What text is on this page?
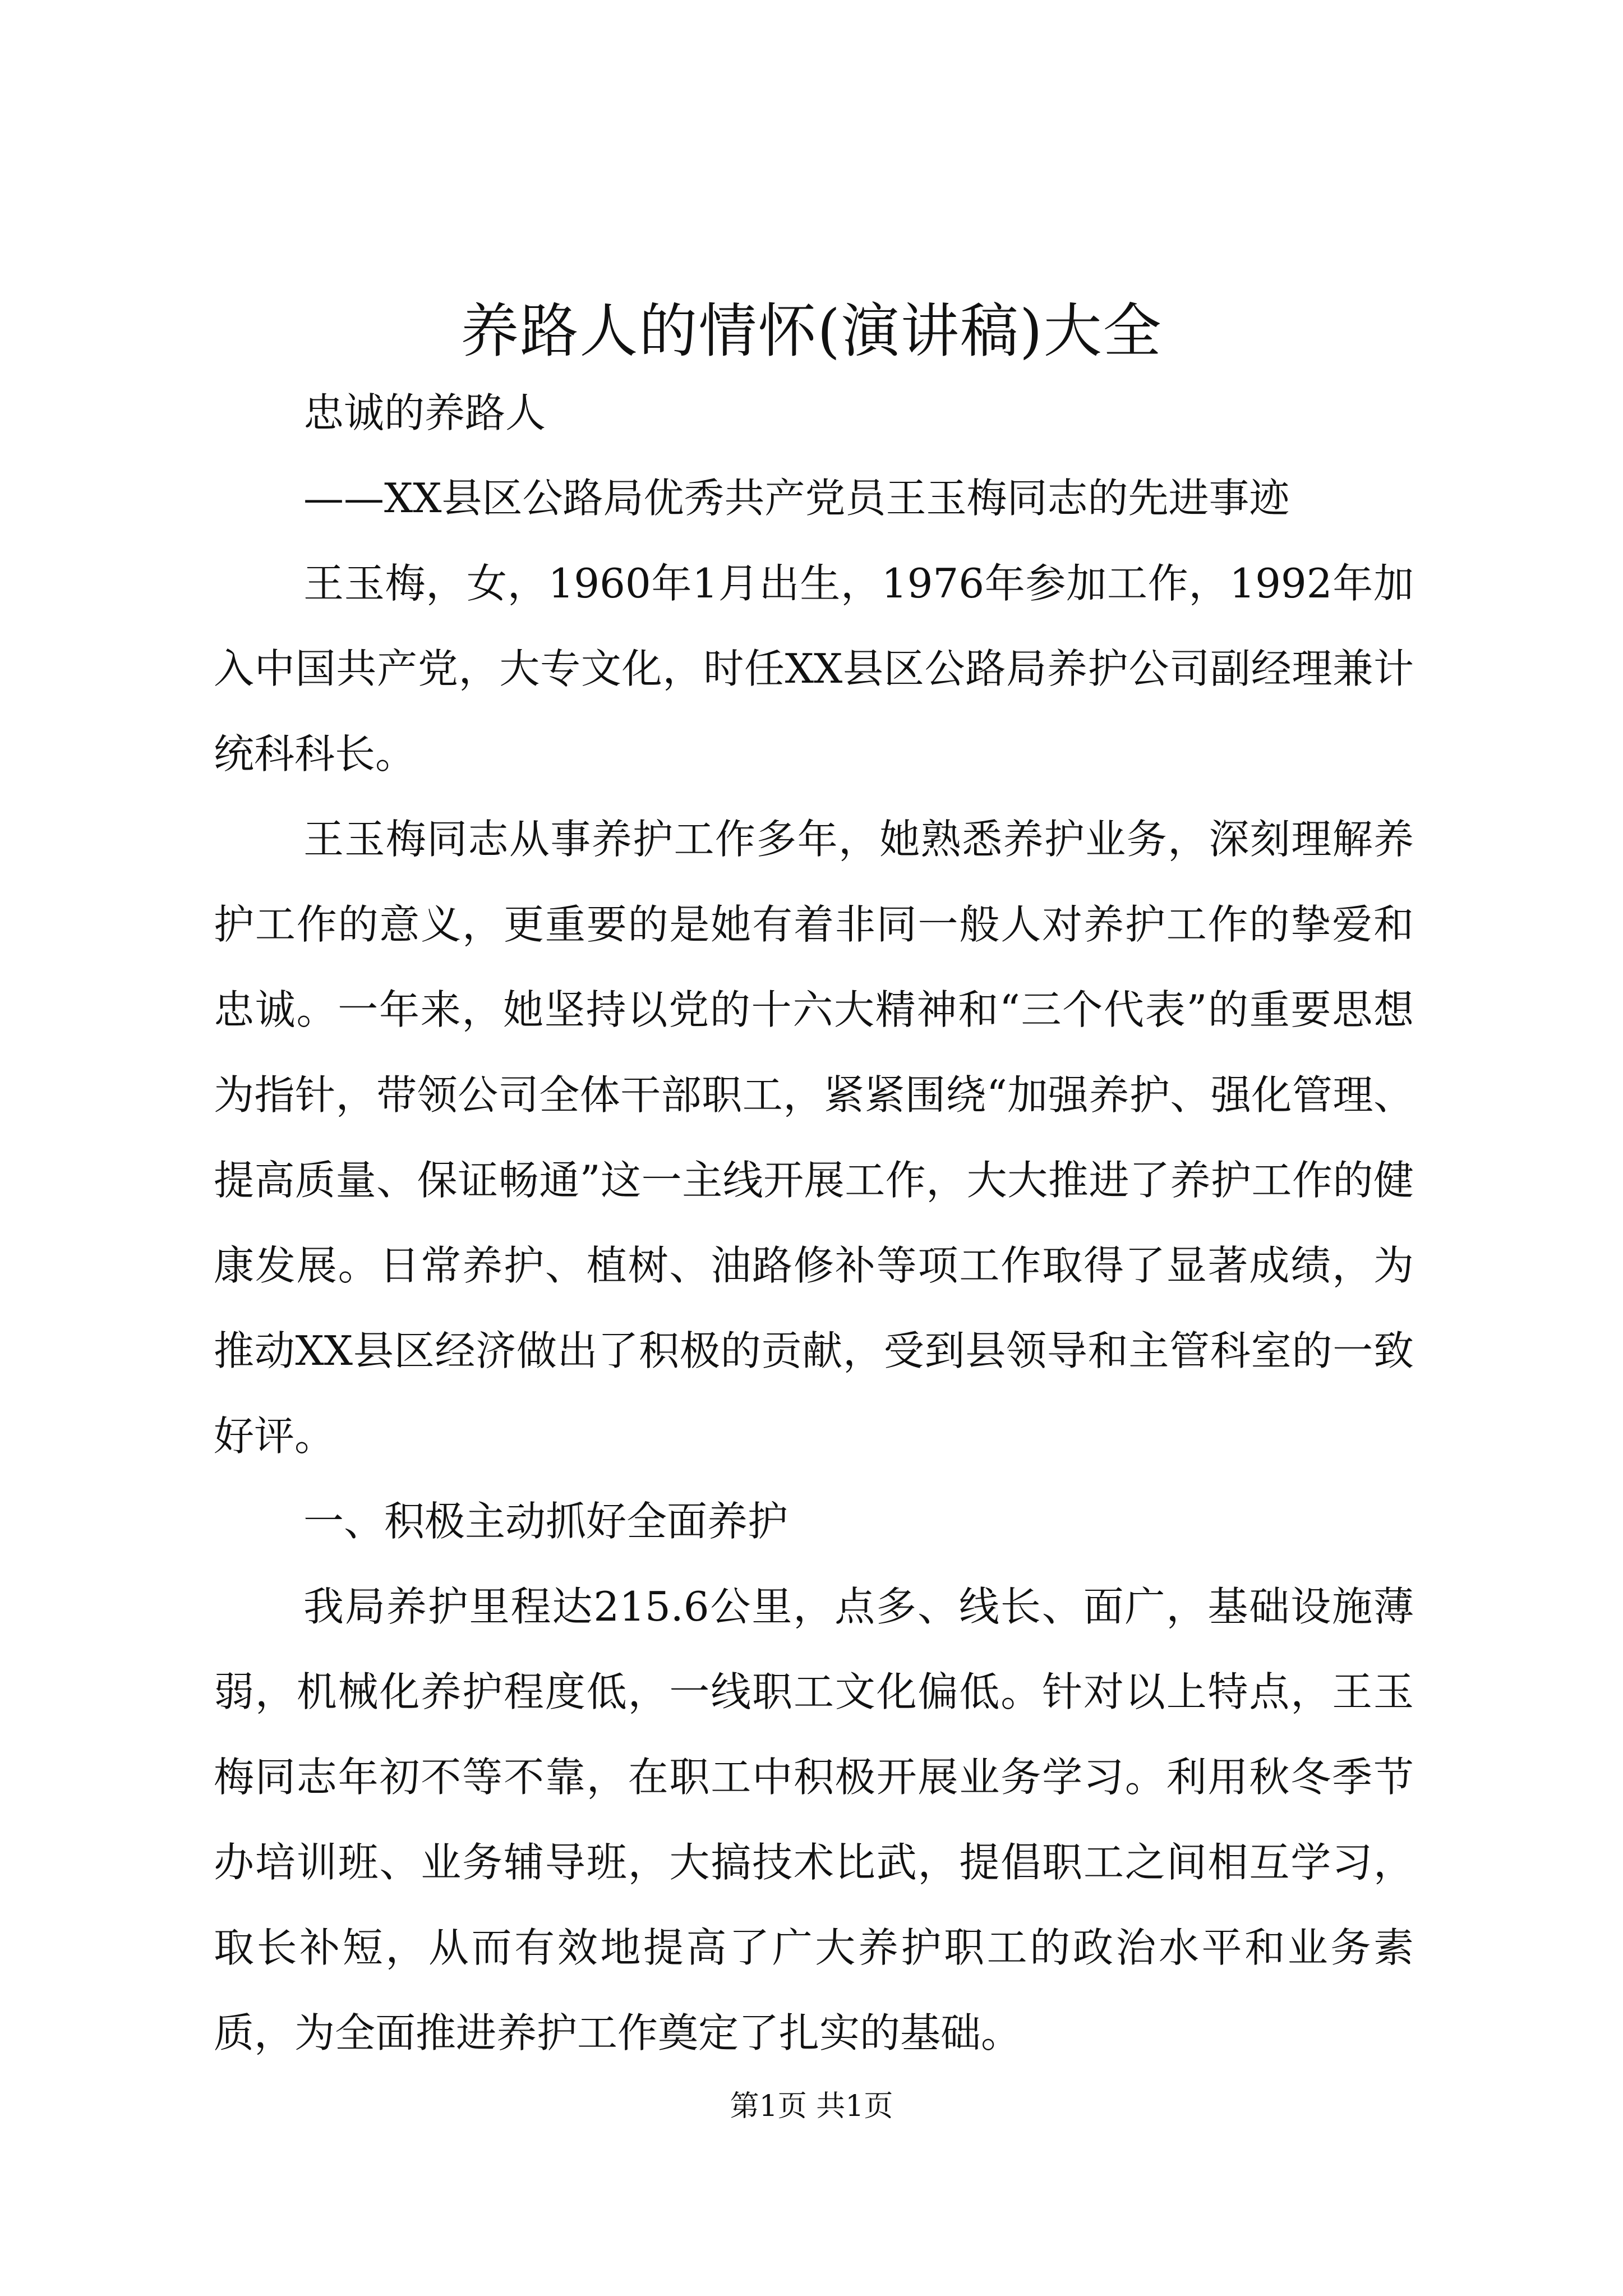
养路人的情怀(演讲稿)大全

忠诚的养路人

——XX县区公路局优秀共产党员王玉梅同志的先进事迹

王玉梅，女，1960年1月出生，1976年参加工作，1992年加入中国共产党，大专文化，时任XX县区公路局养护公司副经理兼计统科科长。

王玉梅同志从事养护工作多年，她熟悉养护业务，深刻理解养护工作的意义，更重要的是她有着非同一般人对养护工作的挚爱和忠诚。一年来，她坚持以党的十六大精神和“三个代表”的重要思想为指针，带领公司全体干部职工，紧紧围绕“加强养护、强化管理、提高质量、保证畅通”这一主线开展工作，大大推进了养护工作的健康发展。日常养护、植树、油路修补等项工作取得了显著成绩，为推动XX县区经济做出了积极的贡献，受到县领导和主管科室的一致好评。

一、积极主动抓好全面养护

我局养护里程达215.6公里，点多、线长、面广，基础设施薄弱，机械化养护程度低，一线职工文化偏低。针对以上特点，王玉梅同志年初不等不靠，在职工中积极开展业务学习。利用秋冬季节办培训班、业务辅导班，大搞技术比武，提倡职工之间相互学习，取长补短，从而有效地提高了广大养护职工的政治水平和业务素质，为全面推进养护工作奠定了扎实的基础。

第1页 共1页
